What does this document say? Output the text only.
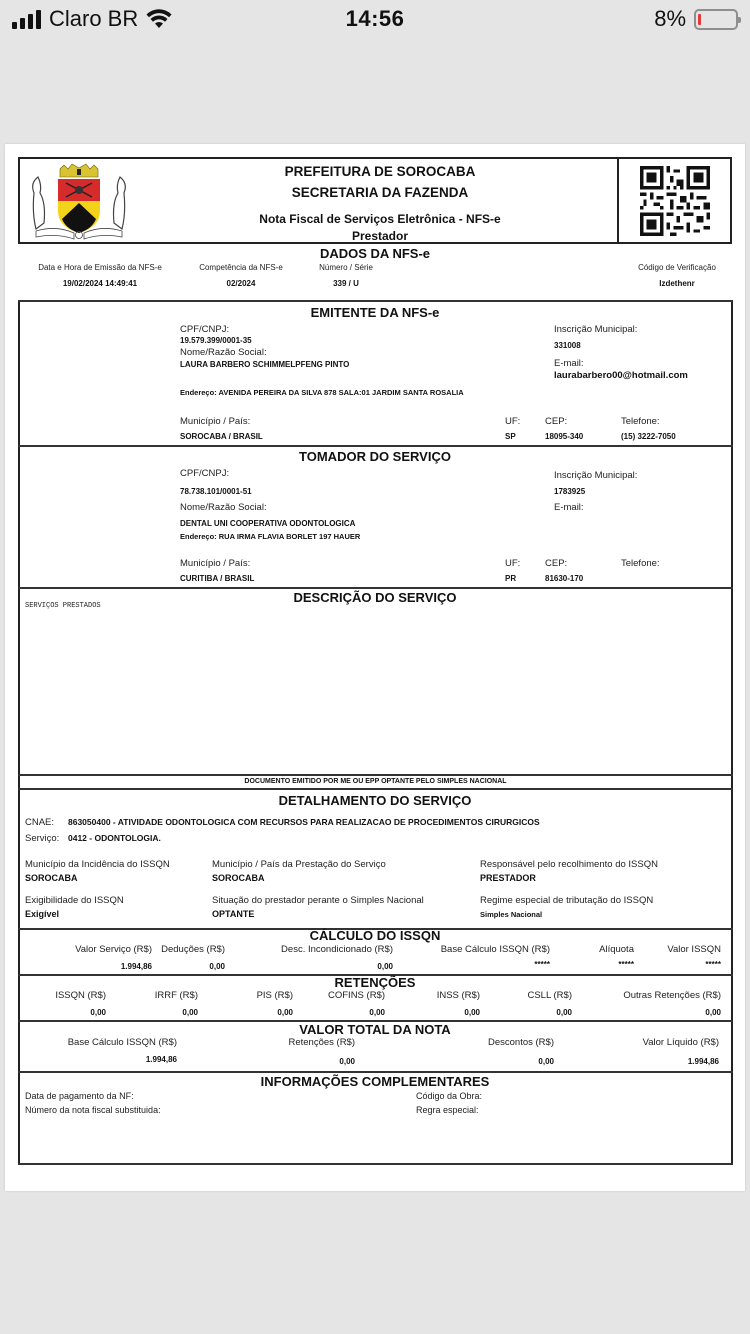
Claro BR	14:56	8%
PREFEITURA DE SOROCABA
SECRETARIA DA FAZENDA
Nota Fiscal de Serviços Eletrônica - NFS-e
Prestador
DADOS DA NFS-e
Data e Hora de Emissão da NFS-e
19/02/2024 14:49:41
Competência da NFS-e
02/2024
Número / Série
339 / U
Código de Verificação
Izdethenr
EMITENTE DA NFS-e
CPF/CNPJ:
19.579.399/0001-35
Nome/Razão Social:
LAURA BARBERO SCHIMMELPFENG PINTO
Endereço: AVENIDA PEREIRA DA SILVA 878 SALA:01 JARDIM SANTA ROSALIA
Inscrição Municipal:
331008
E-mail:
laurabarbero00@hotmail.com
Município / País:
SOROCABA / BRASIL
UF:
SP
CEP:
18095-340
Telefone:
(15) 3222-7050
TOMADOR DO SERVIÇO
CPF/CNPJ:
78.738.101/0001-51
Nome/Razão Social:
DENTAL UNI COOPERATIVA ODONTOLOGICA
Endereço: RUA IRMA FLAVIA BORLET 197 HAUER
Inscrição Municipal:
1783925
E-mail:
Município / País:
CURITIBA / BRASIL
UF:
PR
CEP:
81630-170
Telefone:
DESCRIÇÃO DO SERVIÇO
SERVIÇOS PRESTADOS
DOCUMENTO EMITIDO POR ME OU EPP OPTANTE PELO SIMPLES NACIONAL
DETALHAMENTO DO SERVIÇO
CNAE: 863050400 - ATIVIDADE ODONTOLOGICA COM RECURSOS PARA REALIZACAO DE PROCEDIMENTOS CIRURGICOS
Serviço: 0412 - ODONTOLOGIA.
Município da Incidência do ISSQN
SOROCABA
Município / País da Prestação do Serviço
SOROCABA
Responsável pelo recolhimento do ISSQN
PRESTADOR
Exigibilidade do ISSQN
Exigível
Situação do prestador perante o Simples Nacional
OPTANTE
Regime especial de tributação do ISSQN
Simples Nacional
CÁLCULO DO ISSQN
Valor Serviço (R$)
1.994,86
Deduções (R$)
0,00
Desc. Incondicionado (R$)
0,00
Base Cálculo ISSQN (R$)
*****
Alíquota
*****
Valor ISSQN
*****
RETENÇÕES
ISSQN (R$)
0,00
IRRF (R$)
0,00
PIS (R$)
0,00
COFINS (R$)
0,00
INSS (R$)
0,00
CSLL (R$)
0,00
Outras Retenções (R$)
0,00
VALOR TOTAL DA NOTA
Base Cálculo ISSQN (R$)
1.994,86
Retenções (R$)
0,00
Descontos (R$)
0,00
Valor Líquido (R$)
1.994,86
INFORMAÇÕES COMPLEMENTARES
Data de pagamento da NF:
Número da nota fiscal substituida:
Código da Obra:
Regra especial:
